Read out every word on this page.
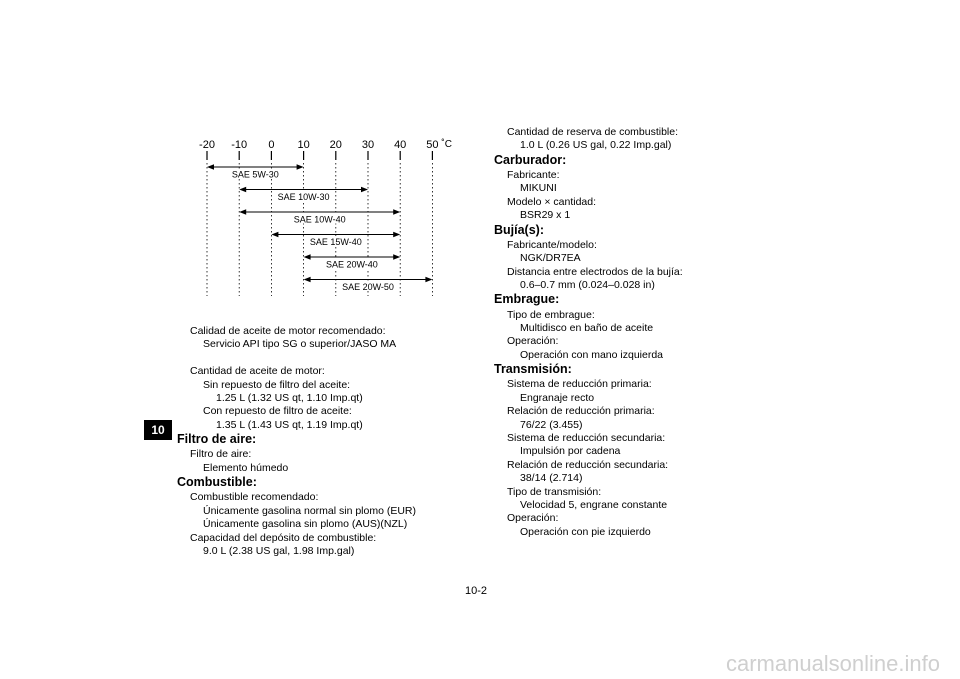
10
-20 -10 0 10 20 30 40 50 ˚C
SAE 5W-30
SAE 10W-30
SAE 10W-40
SAE 15W-40
SAE 20W-40
SAE 20W-50
Calidad de aceite de motor recomendado:
Servicio API tipo SG o superior/JASO MA
Cantidad de aceite de motor:
Sin repuesto de filtro del aceite:
1.25 L (1.32 US qt, 1.10 Imp.qt)
Con repuesto de filtro de aceite:
1.35 L (1.43 US qt, 1.19 Imp.qt)
Filtro de aire:
Filtro de aire:
Elemento húmedo
Combustible:
Combustible recomendado:
Únicamente gasolina normal sin plomo (EUR)
Únicamente gasolina sin plomo (AUS)(NZL)
Capacidad del depósito de combustible:
9.0 L (2.38 US gal, 1.98 Imp.gal)
Cantidad de reserva de combustible:
1.0 L (0.26 US gal, 0.22 Imp.gal)
Carburador:
Fabricante:
MIKUNI
Modelo × cantidad:
BSR29 x 1
Bujía(s):
Fabricante/modelo:
NGK/DR7EA
Distancia entre electrodos de la bujía:
0.6–0.7 mm (0.024–0.028 in)
Embrague:
Tipo de embrague:
Multidisco en baño de aceite
Operación:
Operación con mano izquierda
Transmisión:
Sistema de reducción primaria:
Engranaje recto
Relación de reducción primaria:
76/22 (3.455)
Sistema de reducción secundaria:
Impulsión por cadena
Relación de reducción secundaria:
38/14 (2.714)
Tipo de transmisión:
Velocidad 5, engrane constante
Operación:
Operación con pie izquierdo
10-2
carmanualsonline.info
